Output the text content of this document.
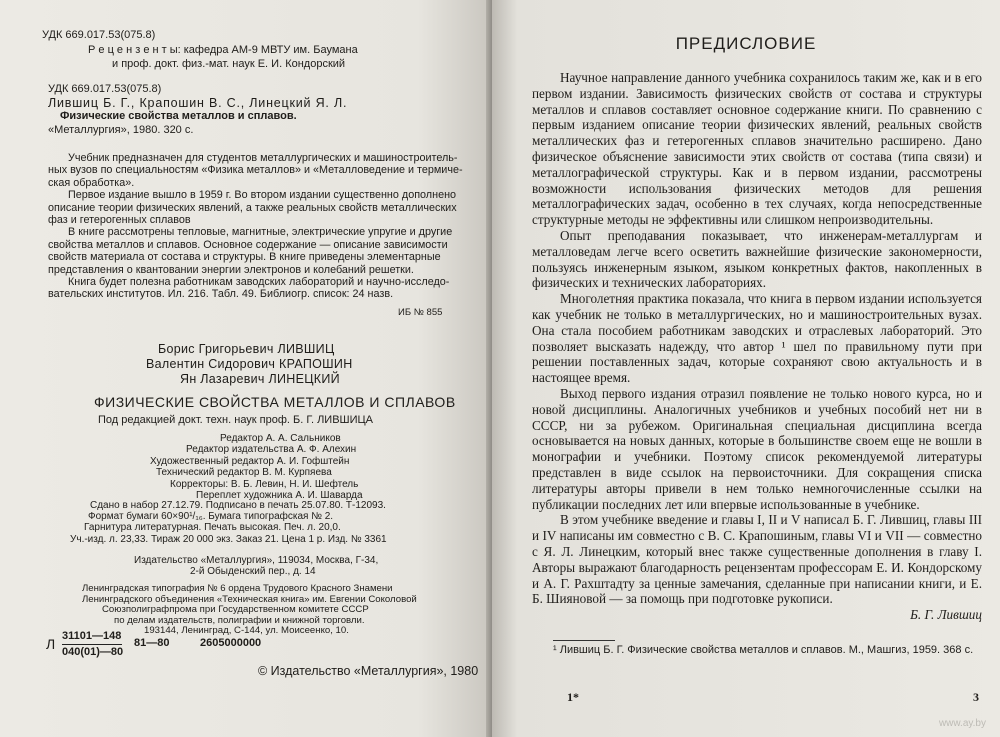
УДК 669.017.53(075.8)
Р е ц е н з е н т ы: кафедра АМ-9 МВТУ им. Баумана
и проф. докт. физ.-мат. наук Е. И. Кондорский
УДК 669.017.53(075.8)
Лившиц Б. Г., Крапошин В. С., Линецкий Я. Л.
Физические свойства металлов и сплавов.
«Металлургия», 1980. 320 с.

Учебник предназначен для студентов металлургических и машиностроитель-

ных вузов по специальностям «Физика металлов» и «Металловедение и термиче-

ская обработка».

Первое издание вышло в 1959 г. Во втором издании существенно дополнено

описание теории физических явлений, а также реальных свойств металлических

фаз и гетерогенных сплавов

В книге рассмотрены тепловые, магнитные, электрические упругие и другие

свойства металлов и сплавов. Основное содержание — описание зависимости

свойств материала от состава и структуры. В книге приведены элементарные

представления о квантовании энергии электронов и колебаний решетки.

Книга будет полезна работникам заводских лабораторий и научно-исследо-

вательских институтов. Ил. 216. Табл. 49. Библиогр. список: 24 назв.

ИБ № 855
Борис Григорьевич ЛИВШИЦ
Валентин Сидорович КРАПОШИН
Ян Лазаревич ЛИНЕЦКИЙ
ФИЗИЧЕСКИЕ СВОЙСТВА МЕТАЛЛОВ И СПЛАВОВ
Под редакцией докт. техн. наук проф. Б. Г. ЛИВШИЦА

Редактор А. А. Сальников

Редактор издательства А. Ф. Алехин

Художественный редактор А. И. Гофштейн

Технический редактор В. М. Курпяева

Корректоры: В. Б. Левин, Н. И. Шефтель

Переплет художника А. И. Шаварда

Сдано в набор 27.12.79. Подписано в печать 25.07.80. Т-12093.

Формат бумаги 60×90¹/₁₆. Бумага типографская № 2.

Гарнитура литературная. Печать высокая. Печ. л. 20,0.

Уч.-изд. л. 23,33. Тираж 20 000 экз. Заказ 21. Цена 1 р. Изд. № 3361

Издательство «Металлургия», 119034, Москва, Г-34,

2-й Обыденский пер., д. 14

Ленинградская типография № 6 ордена Трудового Красного Знамени

Ленинградского объединения «Техническая книга» им. Евгении Соколовой

Союзполиграфпрома при Государственном комитете СССР

по делам издательств, полиграфии и книжной торговли.

193144, Ленинград, С-144, ул. Моисеенко, 10.

Л 31101—148
040(01)—80
81—80	2605000000
© Издательство «Металлургия», 1980
ПРЕДИСЛОВИЕ

Научное направление данного учебника сохранилось таким же, как и в его первом издании. Зависимость физических свойств от состава и структуры металлов и сплавов составляет основное содержание книги. По сравнению с первым изданием описание теории физических явлений, реальных свойств металлических фаз и гетерогенных сплавов значительно расширено. Дано физическое объяснение зависимости этих свойств от состава (типа связи) и металлографической структуры. Как и в первом издании, рассмотрены возможности использования физических методов для решения металлографических задач, особенно в тех случаях, когда непосредственные структурные методы не эффективны или слишком непроизводительны.

Опыт преподавания показывает, что инженерам-металлургам и металловедам легче всего осветить важнейшие физические закономерности, пользуясь инженерным языком, языком конкретных фактов, накопленных в физических и технических лабораториях.

Многолетняя практика показала, что книга в первом издании используется как учебник не только в металлургических, но и машиностроительных вузах. Она стала пособием работникам заводских и отраслевых лабораторий. Это позволяет высказать надежду, что автор ¹ шел по правильному пути при решении поставленных задач, которые сохраняют свою актуальность и в настоящее время.

Выход первого издания отразил появление не только нового курса, но и новой дисциплины. Аналогичных учебников и учебных пособий нет ни в СССР, ни за рубежом. Оригинальная специальная дисциплина всегда основывается на новых данных, которые в большинстве своем еще не вошли в монографии и учебники. Поэтому список рекомендуемой литературы представлен в виде ссылок на первоисточники. Для сокращения списка литературы авторы привели в нем только немногочисленные ссылки на публикации последних лет или впервые использованные в учебнике.

В этом учебнике введение и главы I, II и V написал Б. Г. Лившиц, главы III и IV написаны им совместно с В. С. Крапошиным, главы VI и VII — совместно с Я. Л. Линецким, который внес также существенные дополнения в главу I. Авторы выражают благодарность рецензентам профессорам Е. И. Кондорскому и А. Г. Рахштадту за ценные замечания, сделанные при написании книги, и Е. Б. Шияновой — за помощь при подготовке рукописи.

Б. Г. Лившиц

¹ Лившиц Б. Г. Физические свойства металлов и сплавов. М., Машгиз, 1959. 368 с.
1*	3
www.ay.by
